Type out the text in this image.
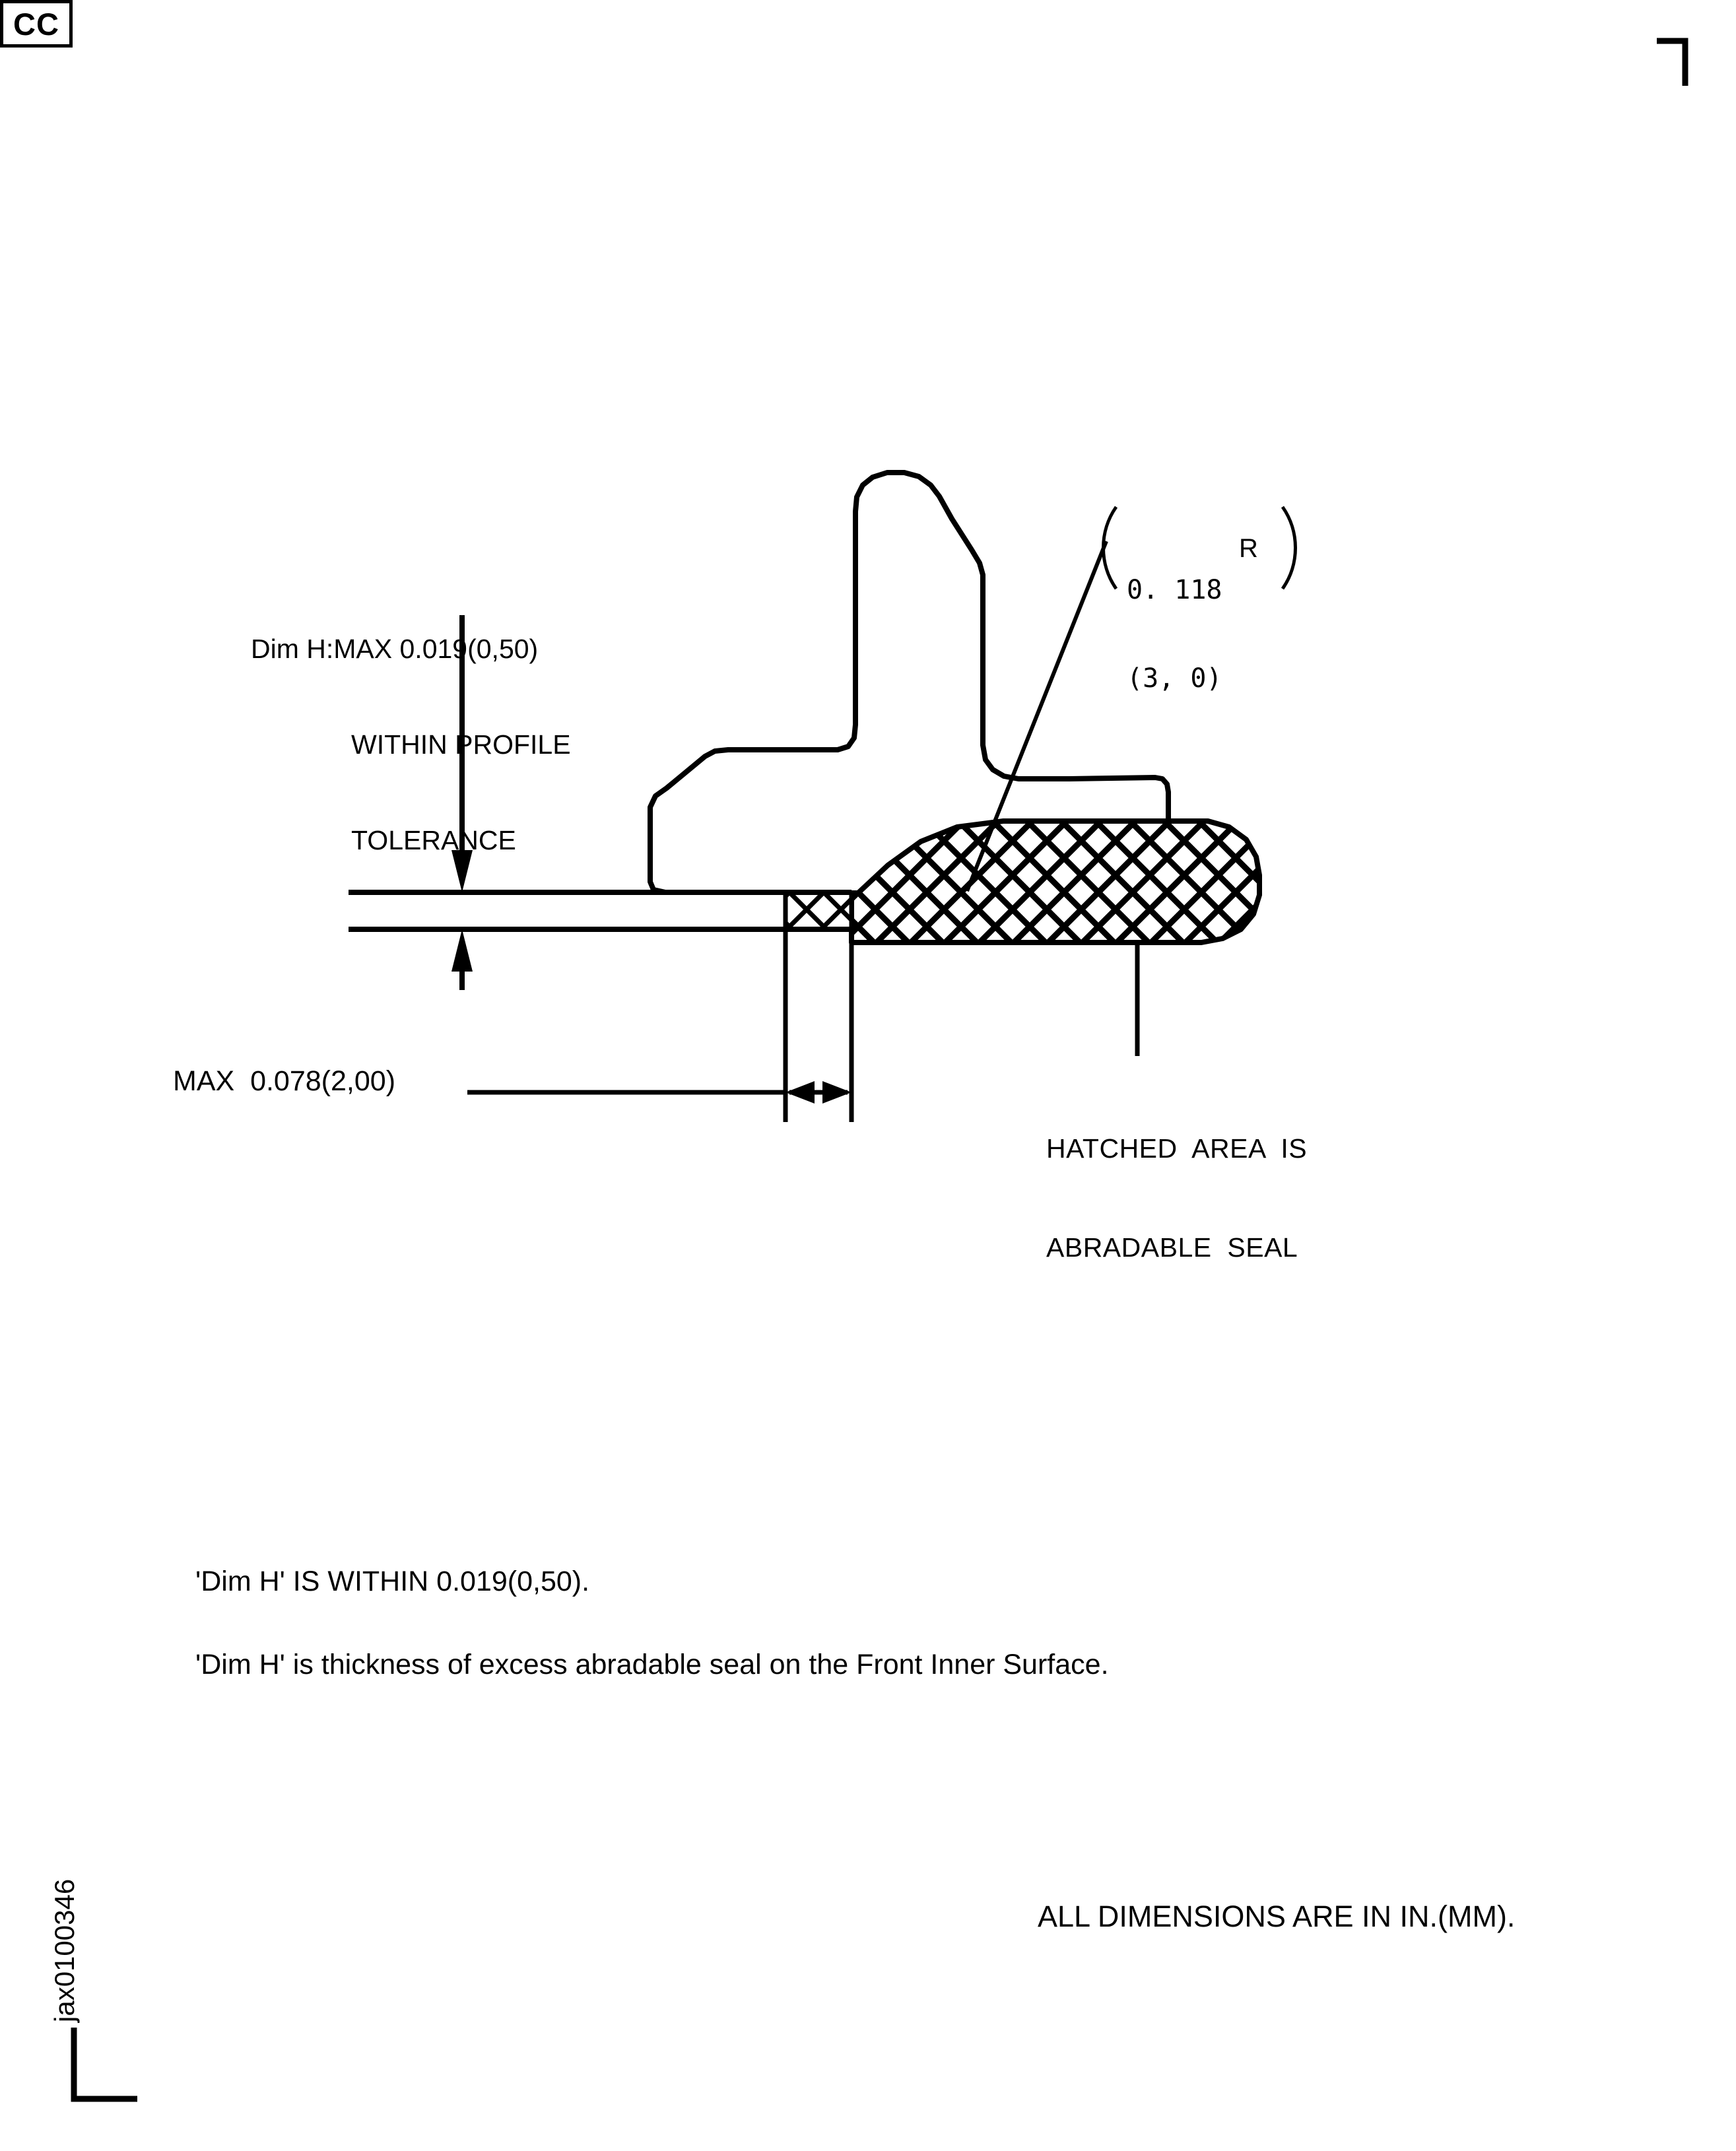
Dim H:MAX 0.019(0,50)

WITHIN PROFILE

TOLERANCE

0. 118

(3, 0)

R
MAX  0.078(2,00)

HATCHED  AREA  IS

ABRADABLE  SEAL

CC
'Dim H' IS WITHIN 0.019(0,50).
'Dim H' is thickness of excess abradable seal on the Front Inner Surface.
ALL DIMENSIONS ARE IN IN.(MM).
jax0100346
